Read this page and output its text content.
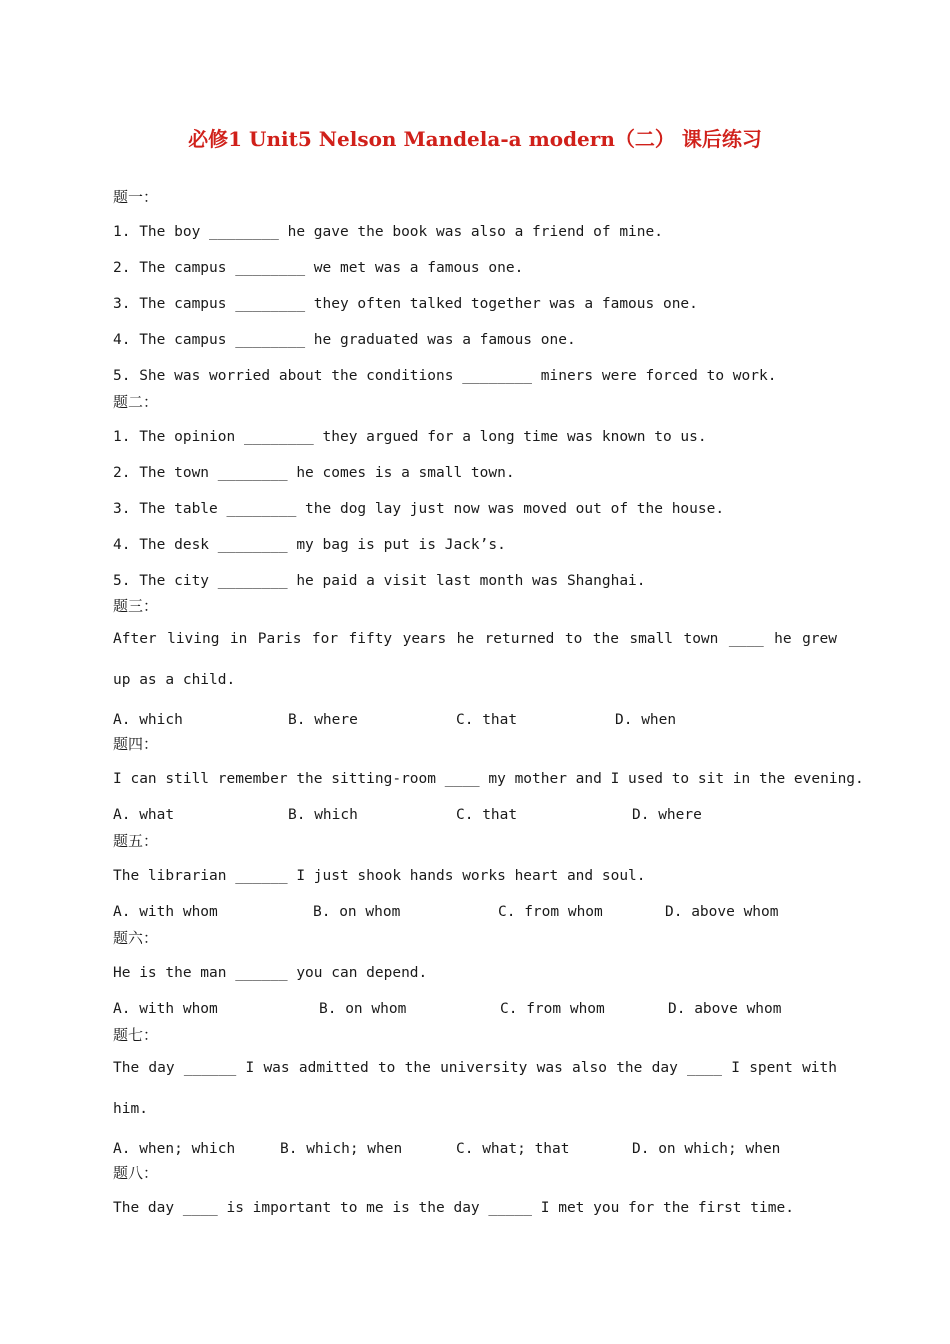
必修1 Unit5 Nelson Mandela-a modern（二） 课后练习
题一：
1. The boy ________ he gave the book was also a friend of mine.
2. The campus ________ we met was a famous one.
3. The campus ________ they often talked together was a famous one.
4. The campus ________ he graduated was a famous one.
5. She was worried about the conditions ________ miners were forced to work.
题二：
1. The opinion ________ they argued for a long time was known to us.
2. The town ________ he comes is a small town.
3. The table ________ the dog lay just now was moved out of the house.
4. The desk ________ my bag is put is Jack’s.
5. The city ________ he paid a visit last month was Shanghai.
题三：
After living in Paris for fifty years he returned to the small town ____ he grew up as a child.

A. which

	B. where

	C. that

	D. when

题四：
I can still remember the sitting-room ____ my mother and I used to sit in the evening.

A. what

	B. which

	C. that

	D. where

题五：
The librarian ______ I just shook hands works heart and soul.

A. with whom

	B. on whom

	C. from whom

	D. above whom

题六：
He is the man ______ you can depend.

A. with whom

	B. on whom

	C. from whom

	D. above whom

题七：
The day ______ I was admitted to the university was also the day ____ I spent with him.

A. when; which

	B. which; when

	C. what; that

	D. on which; when

题八：
The day ____ is important to me is the day _____ I met you for the first time.
